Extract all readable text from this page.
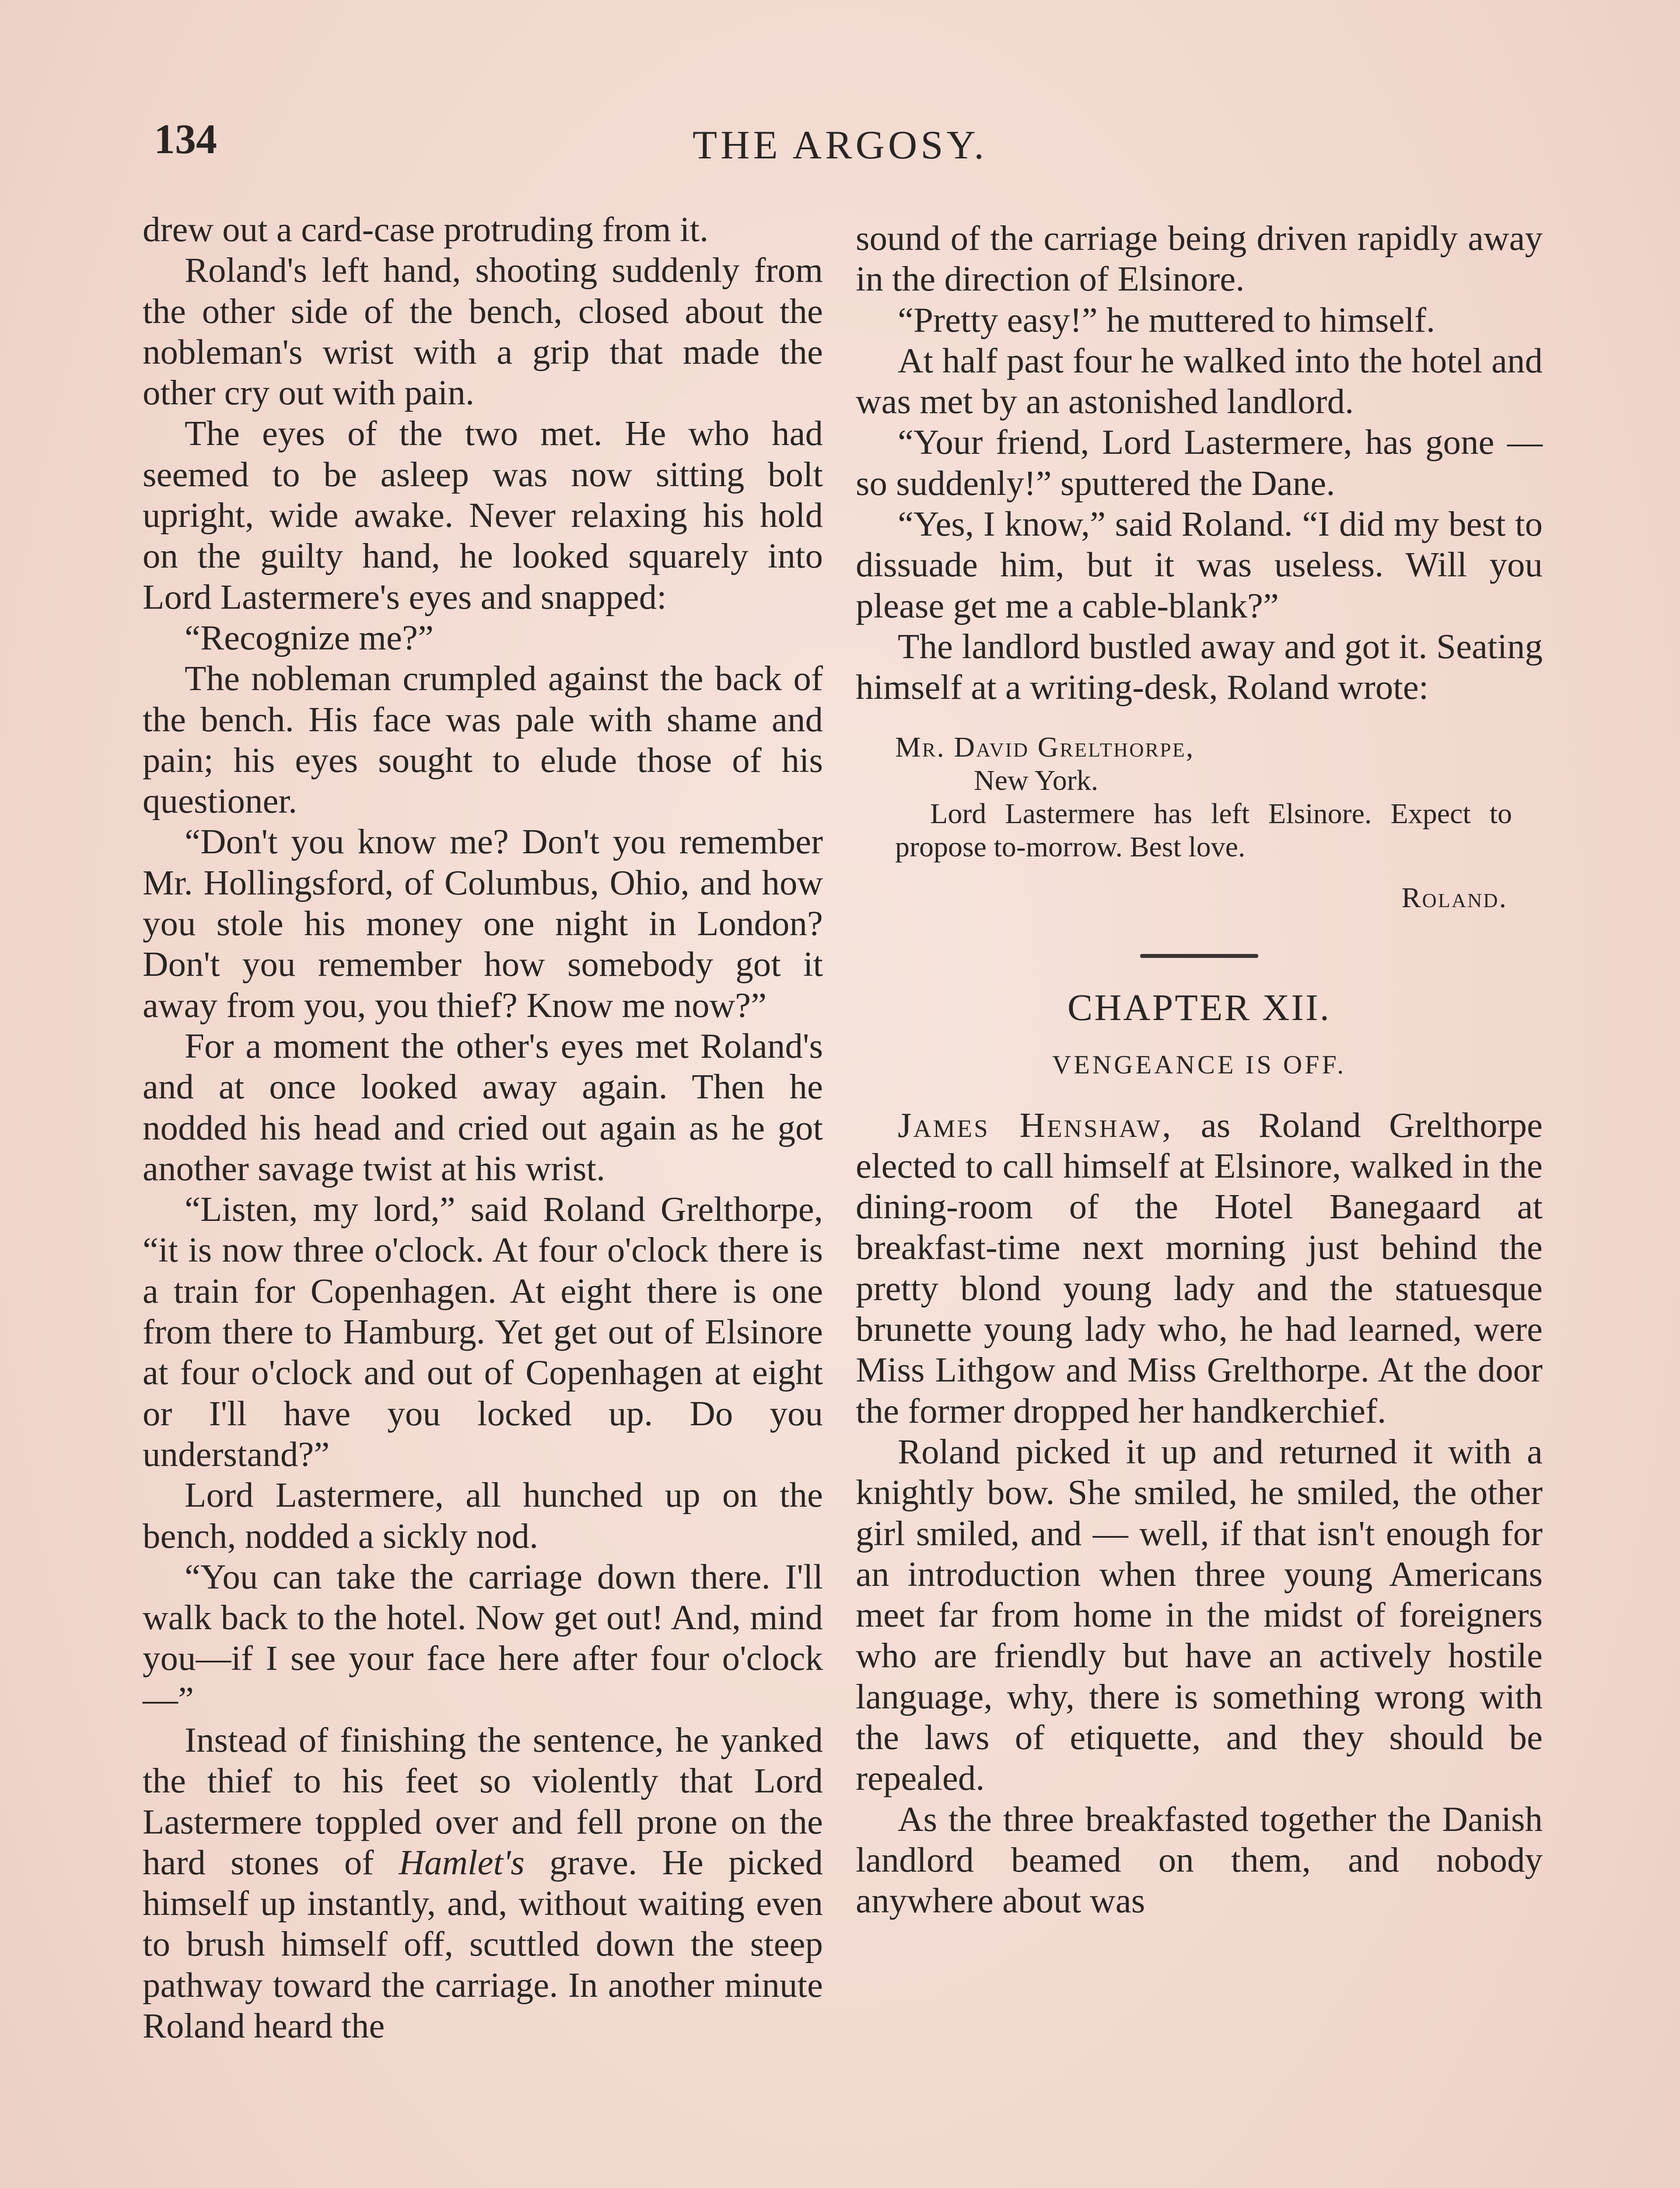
134	THE ARGOSY.

drew out a card-case protruding from it.

Roland's left hand, shooting suddenly from the other side of the bench, closed about the nobleman's wrist with a grip that made the other cry out with pain.

The eyes of the two met. He who had seemed to be asleep was now sitting bolt upright, wide awake. Never relaxing his hold on the guilty hand, he looked squarely into Lord Lastermere's eyes and snapped:

“Recognize me?”

The nobleman crumpled against the back of the bench. His face was pale with shame and pain; his eyes sought to elude those of his questioner.

“Don't you know me? Don't you remember Mr. Hollingsford, of Columbus, Ohio, and how you stole his money one night in London? Don't you remember how somebody got it away from you, you thief? Know me now?”

For a moment the other's eyes met Roland's and at once looked away again. Then he nodded his head and cried out again as he got another savage twist at his wrist.

“Listen, my lord,” said Roland Grelthorpe, “it is now three o'clock. At four o'clock there is a train for Copenhagen. At eight there is one from there to Hamburg. Yet get out of Elsinore at four o'clock and out of Copenhagen at eight or I'll have you locked up. Do you understand?”

Lord Lastermere, all hunched up on the bench, nodded a sickly nod.

“You can take the carriage down there. I'll walk back to the hotel. Now get out! And, mind you—if I see your face here after four o'clock—”

Instead of finishing the sentence, he yanked the thief to his feet so violently that Lord Lastermere toppled over and fell prone on the hard stones of Hamlet's grave. He picked himself up instantly, and, without waiting even to brush himself off, scuttled down the steep pathway toward the carriage. In another minute Roland heard the

sound of the carriage being driven rapidly away in the direction of Elsinore.

“Pretty easy!” he muttered to himself.

At half past four he walked into the hotel and was met by an astonished landlord.

“Your friend, Lord Lastermere, has gone — so suddenly!” sputtered the Dane.

“Yes, I know,” said Roland. “I did my best to dissuade him, but it was useless. Will you please get me a cable-blank?”

The landlord bustled away and got it. Seating himself at a writing-desk, Roland wrote:

Mr. David Grelthorpe,

New York.

Lord Lastermere has left Elsinore. Expect to propose to-morrow. Best love.

Roland.

CHAPTER XII.
VENGEANCE IS OFF.

James Henshaw, as Roland Grelthorpe elected to call himself at Elsinore, walked in the dining-room of the Hotel Banegaard at breakfast-time next morning just behind the pretty blond young lady and the statuesque brunette young lady who, he had learned, were Miss Lithgow and Miss Grelthorpe. At the door the former dropped her handkerchief.

Roland picked it up and returned it with a knightly bow. She smiled, he smiled, the other girl smiled, and — well, if that isn't enough for an introduction when three young Americans meet far from home in the midst of foreigners who are friendly but have an actively hostile language, why, there is something wrong with the laws of etiquette, and they should be repealed.

As the three breakfasted together the Danish landlord beamed on them, and nobody anywhere about was
